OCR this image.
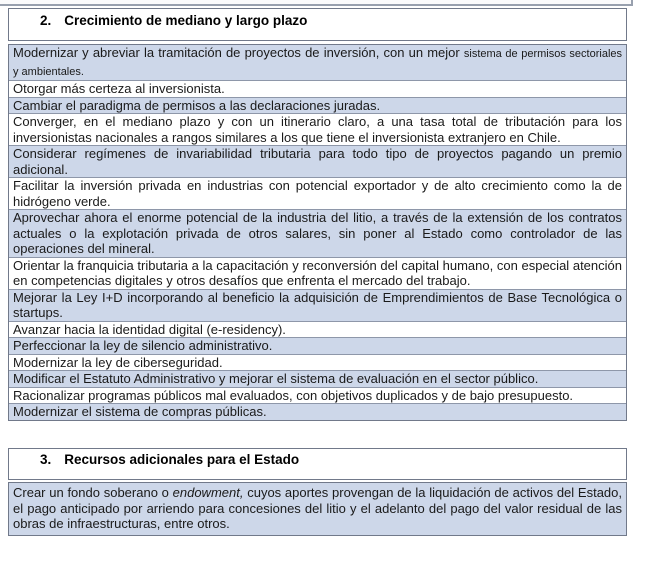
2. Crecimiento de mediano y largo plazo
Modernizar y abreviar la tramitación de proyectos de inversión, con un mejor sistema de permisos sectoriales y ambientales.
Otorgar más certeza al inversionista.
Cambiar el paradigma de permisos a las declaraciones juradas.
Converger, en el mediano plazo y con un itinerario claro, a una tasa total de tributación para los inversionistas nacionales a rangos similares a los que tiene el inversionista extranjero en Chile.
Considerar regímenes de invariabilidad tributaria para todo tipo de proyectos pagando un premio adicional.
Facilitar la inversión privada en industrias con potencial exportador y de alto crecimiento como la de hidrógeno verde.
Aprovechar ahora el enorme potencial de la industria del litio, a través de la extensión de los contratos actuales o la explotación privada de otros salares, sin poner al Estado como controlador de las operaciones del mineral.
Orientar la franquicia tributaria a la capacitación y reconversión del capital humano, con especial atención en competencias digitales y otros desafíos que enfrenta el mercado del trabajo.
Mejorar la Ley I+D incorporando al beneficio la adquisición de Emprendimientos de Base Tecnológica o startups.
Avanzar hacia la identidad digital (e-residency).
Perfeccionar la ley de silencio administrativo.
Modernizar la ley de ciberseguridad.
Modificar el Estatuto Administrativo y mejorar el sistema de evaluación en el sector público.
Racionalizar programas públicos mal evaluados, con objetivos duplicados y de bajo presupuesto.
Modernizar el sistema de compras públicas.
3. Recursos adicionales para el Estado
Crear un fondo soberano o endowment, cuyos aportes provengan de la liquidación de activos del Estado, el pago anticipado por arriendo para concesiones del litio y el adelanto del pago del valor residual de las obras de infraestructuras, entre otros.
